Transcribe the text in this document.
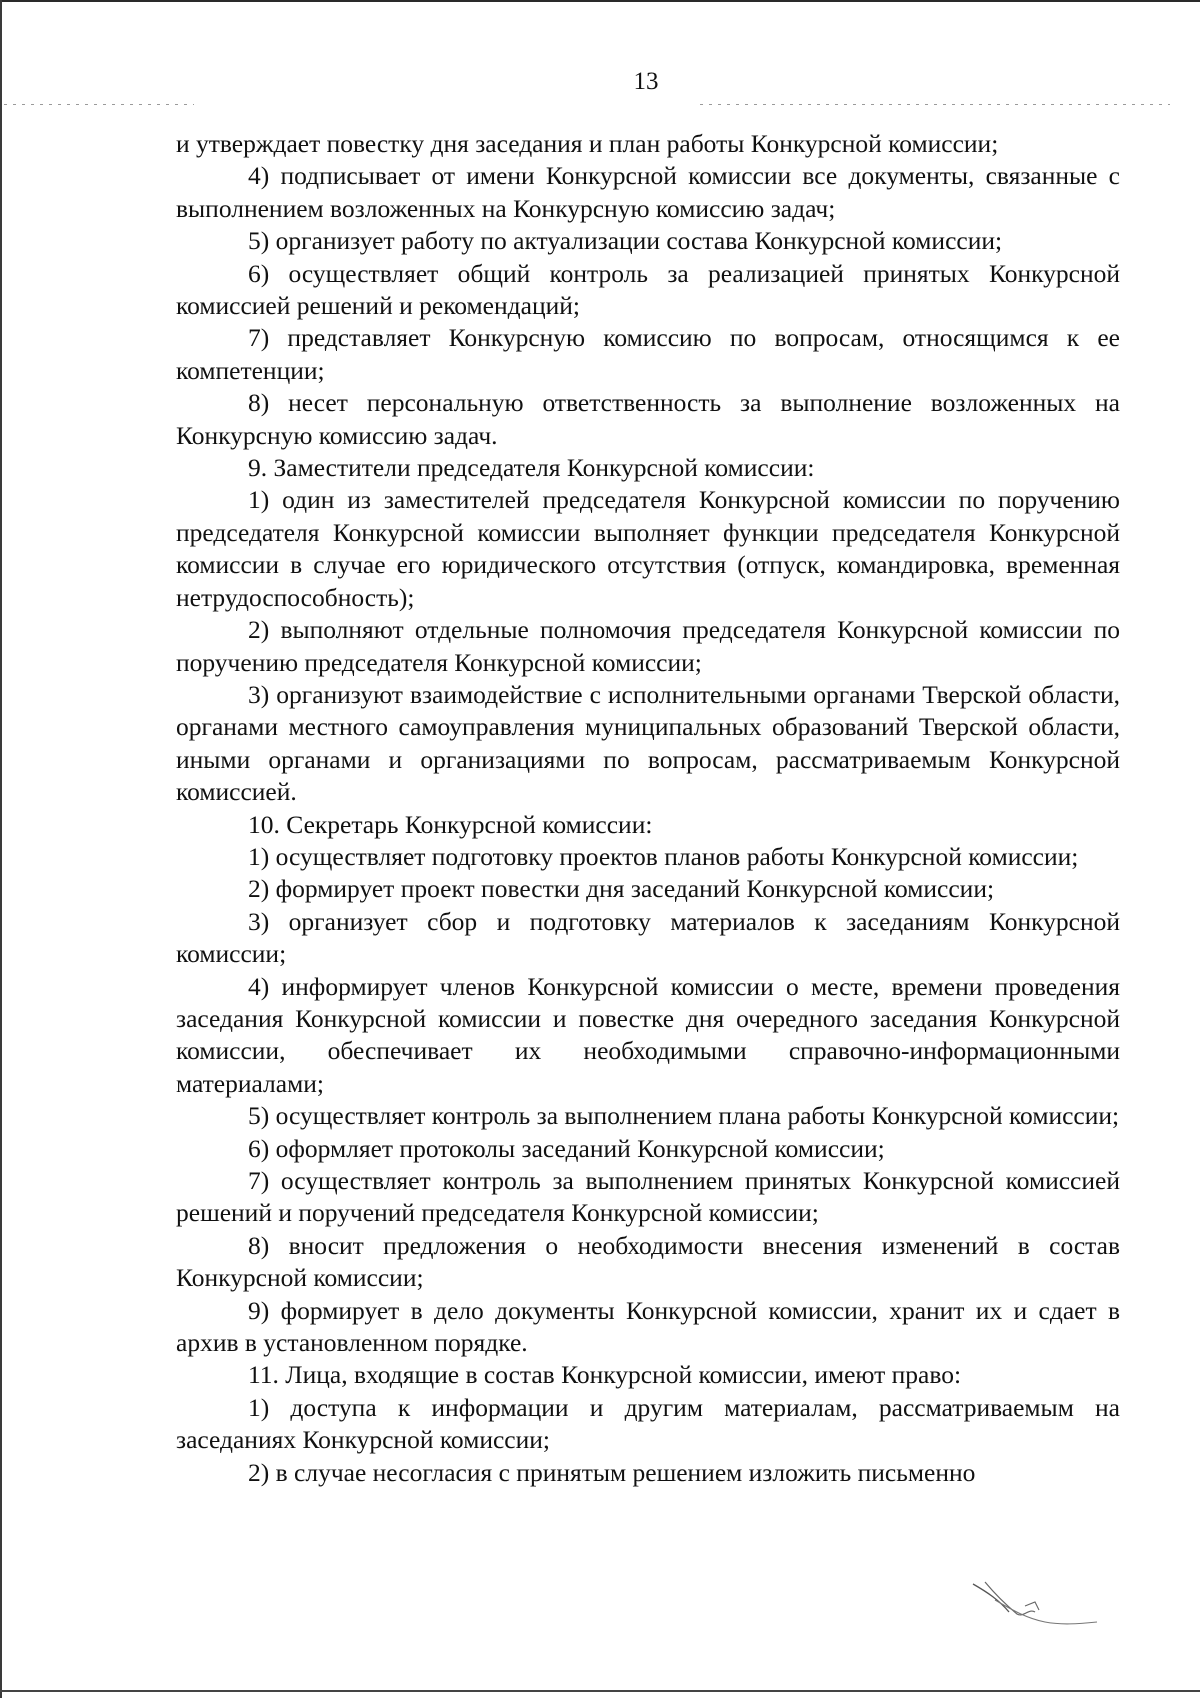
13

и утверждает повестку дня заседания и план работы Конкурсной комиссии;

4) подписывает от имени Конкурсной комиссии все документы, связанные с выполнением возложенных на Конкурсную комиссию задач;

5) организует работу по актуализации состава Конкурсной комиссии;

6) осуществляет общий контроль за реализацией принятых Конкурсной комиссией решений и рекомендаций;

7) представляет Конкурсную комиссию по вопросам, относящимся к ее компетенции;

8) несет персональную ответственность за выполнение возложенных на Конкурсную комиссию задач.

9. Заместители председателя Конкурсной комиссии:

1) один из заместителей председателя Конкурсной комиссии по поручению председателя Конкурсной комиссии выполняет функции председателя Конкурсной комиссии в случае его юридического отсутствия (отпуск, командировка, временная нетрудоспособность);

2) выполняют отдельные полномочия председателя Конкурсной комиссии по поручению председателя Конкурсной комиссии;

3) организуют взаимодействие с исполнительными органами Тверской области, органами местного самоуправления муниципальных образований Тверской области, иными органами и организациями по вопросам, рассматриваемым Конкурсной комиссией.

10. Секретарь Конкурсной комиссии:

1) осуществляет подготовку проектов планов работы Конкурсной комиссии;

2) формирует проект повестки дня заседаний Конкурсной комиссии;

3) организует сбор и подготовку материалов к заседаниям Конкурсной комиссии;

4) информирует членов Конкурсной комиссии о месте, времени проведения заседания Конкурсной комиссии и повестке дня очередного заседания Конкурсной комиссии, обеспечивает их необходимыми справочно-информационными материалами;

5) осуществляет контроль за выполнением плана работы Конкурсной комиссии;

6) оформляет протоколы заседаний Конкурсной комиссии;

7) осуществляет контроль за выполнением принятых Конкурсной комиссией решений и поручений председателя Конкурсной комиссии;

8) вносит предложения о необходимости внесения изменений в состав Конкурсной комиссии;

9) формирует в дело документы Конкурсной комиссии, хранит их и сдает в архив в установленном порядке.

11. Лица, входящие в состав Конкурсной комиссии, имеют право:

1) доступа к информации и другим материалам, рассматриваемым на заседаниях Конкурсной комиссии;

2) в случае несогласия с принятым решением изложить письменно
